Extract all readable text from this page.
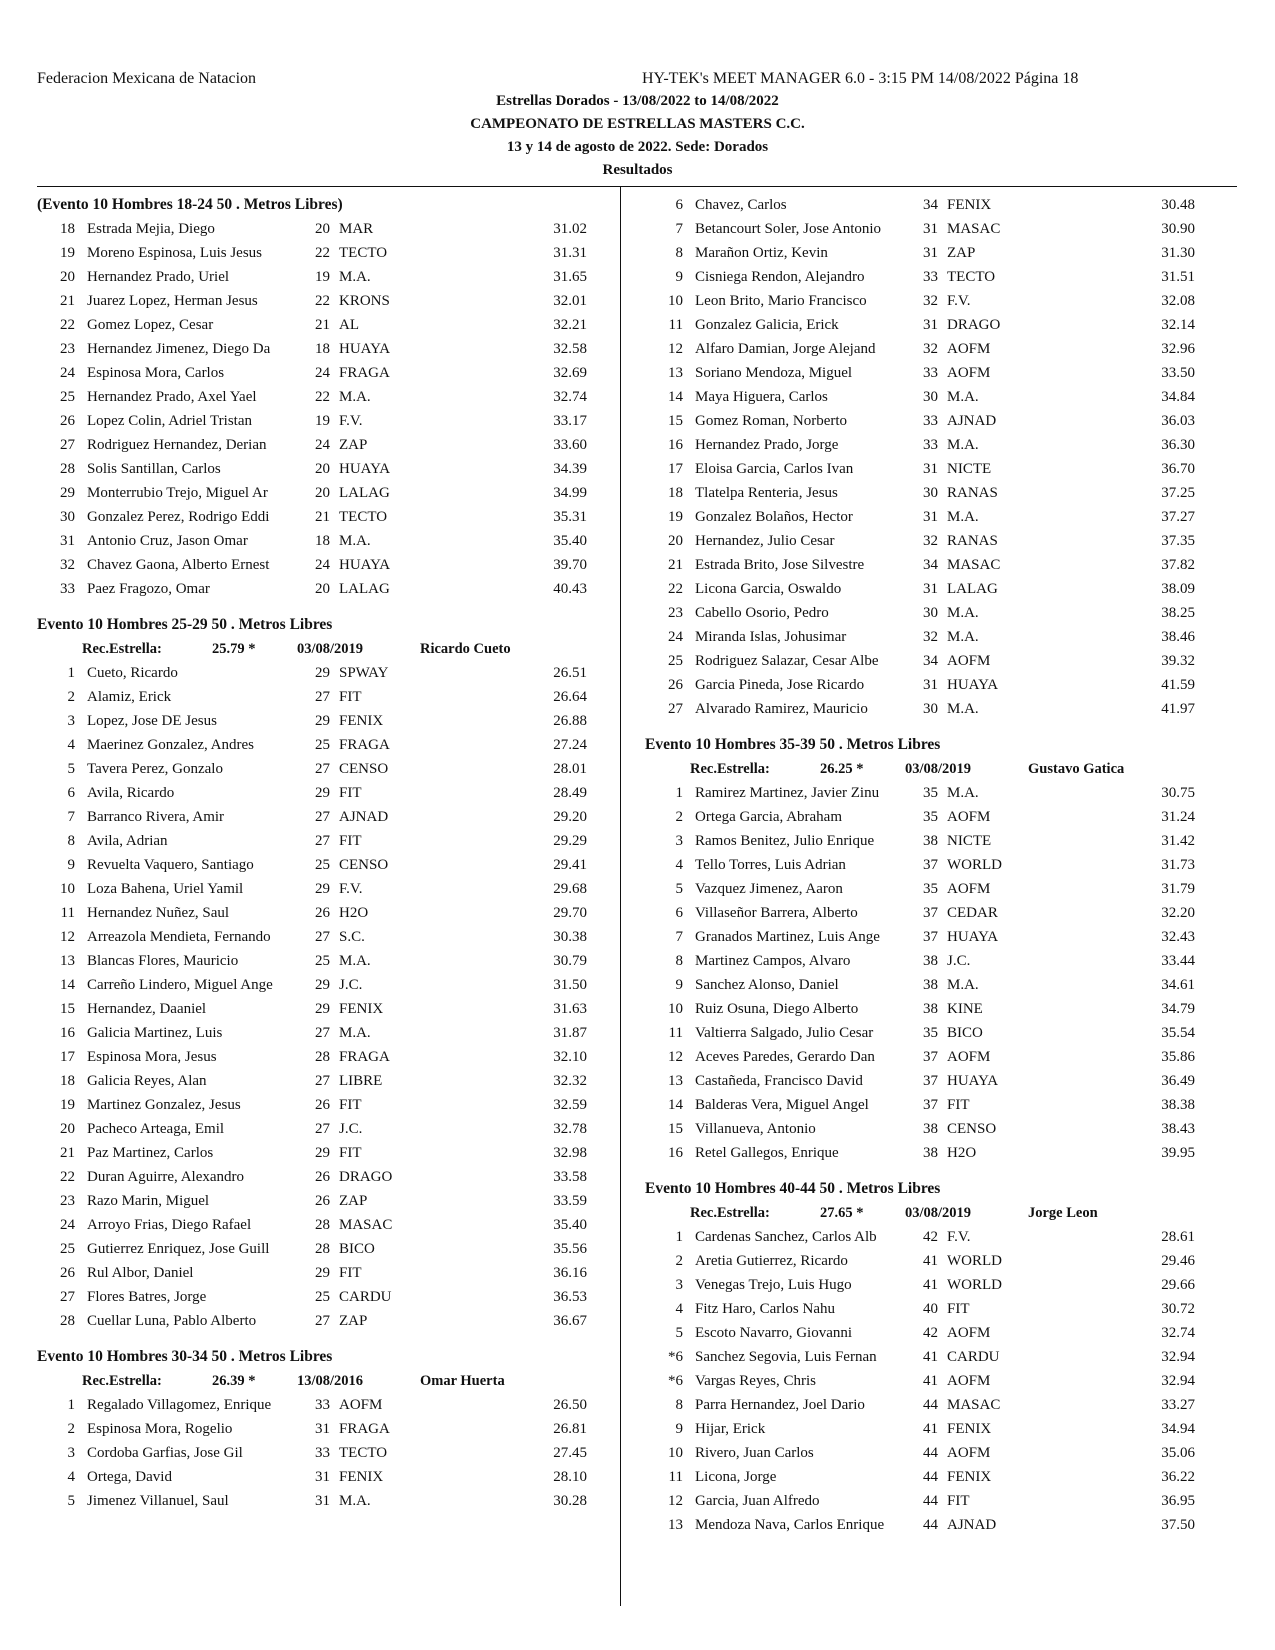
Federacion Mexicana de Natacion	HY-TEK's MEET MANAGER 6.0 - 3:15 PM 14/08/2022 Página 18
Estrellas Dorados - 13/08/2022 to 14/08/2022
CAMPEONATO DE ESTRELLAS MASTERS C.C.
13 y 14 de agosto de 2022. Sede: Dorados
Resultados
(Evento 10 Hombres 18-24 50 . Metros Libres)
18 Estrada Mejia, Diego	20 MAR	31.02
19 Moreno Espinosa, Luis Jesus	22 TECTO	31.31
20 Hernandez Prado, Uriel	19 M.A.	31.65
21 Juarez Lopez, Herman Jesus	22 KRONS	32.01
22 Gomez Lopez, Cesar	21 AL	32.21
23 Hernandez Jimenez, Diego Da	18 HUAYA	32.58
24 Espinosa Mora, Carlos	24 FRAGA	32.69
25 Hernandez Prado, Axel Yael	22 M.A.	32.74
26 Lopez Colin, Adriel Tristan	19 F.V.	33.17
27 Rodriguez Hernandez, Derian	24 ZAP	33.60
28 Solis Santillan, Carlos	20 HUAYA	34.39
29 Monterrubio Trejo, Miguel Ar	20 LALAG	34.99
30 Gonzalez Perez, Rodrigo Eddi	21 TECTO	35.31
31 Antonio Cruz, Jason Omar	18 M.A.	35.40
32 Chavez Gaona, Alberto Ernest	24 HUAYA	39.70
33 Paez Fragozo, Omar	20 LALAG	40.43
Evento 10 Hombres 25-29 50 . Metros Libres
Rec.Estrella:	25.79 *	03/08/2019	Ricardo Cueto
1 Cueto, Ricardo	29 SPWAY	26.51
2 Alamiz, Erick	27 FIT	26.64
3 Lopez, Jose DE Jesus	29 FENIX	26.88
4 Maerinez Gonzalez, Andres	25 FRAGA	27.24
5 Tavera Perez, Gonzalo	27 CENSO	28.01
6 Avila, Ricardo	29 FIT	28.49
7 Barranco Rivera, Amir	27 AJNAD	29.20
8 Avila, Adrian	27 FIT	29.29
9 Revuelta Vaquero, Santiago	25 CENSO	29.41
10 Loza Bahena, Uriel Yamil	29 F.V.	29.68
11 Hernandez Nuñez, Saul	26 H2O	29.70
12 Arreazola Mendieta, Fernando	27 S.C.	30.38
13 Blancas Flores, Mauricio	25 M.A.	30.79
14 Carreño Lindero, Miguel Ange	29 J.C.	31.50
15 Hernandez, Daaniel	29 FENIX	31.63
16 Galicia Martinez, Luis	27 M.A.	31.87
17 Espinosa Mora, Jesus	28 FRAGA	32.10
18 Galicia Reyes, Alan	27 LIBRE	32.32
19 Martinez Gonzalez, Jesus	26 FIT	32.59
20 Pacheco Arteaga, Emil	27 J.C.	32.78
21 Paz Martinez, Carlos	29 FIT	32.98
22 Duran Aguirre, Alexandro	26 DRAGO	33.58
23 Razo Marin, Miguel	26 ZAP	33.59
24 Arroyo Frias, Diego Rafael	28 MASAC	35.40
25 Gutierrez Enriquez, Jose Guill	28 BICO	35.56
26 Rul Albor, Daniel	29 FIT	36.16
27 Flores Batres, Jorge	25 CARDU	36.53
28 Cuellar Luna, Pablo Alberto	27 ZAP	36.67
Evento 10 Hombres 30-34 50 . Metros Libres
Rec.Estrella:	26.39 *	13/08/2016	Omar Huerta
1 Regalado Villagomez, Enrique	33 AOFM	26.50
2 Espinosa Mora, Rogelio	31 FRAGA	26.81
3 Cordoba Garfias, Jose Gil	33 TECTO	27.45
4 Ortega, David	31 FENIX	28.10
5 Jimenez Villanuel, Saul	31 M.A.	30.28
6 Chavez, Carlos	34 FENIX	30.48
7 Betancourt Soler, Jose Antonio	31 MASAC	30.90
8 Marañon Ortiz, Kevin	31 ZAP	31.30
9 Cisniega Rendon, Alejandro	33 TECTO	31.51
10 Leon Brito, Mario Francisco	32 F.V.	32.08
11 Gonzalez Galicia, Erick	31 DRAGO	32.14
12 Alfaro Damian, Jorge Alejand	32 AOFM	32.96
13 Soriano Mendoza, Miguel	33 AOFM	33.50
14 Maya Higuera, Carlos	30 M.A.	34.84
15 Gomez Roman, Norberto	33 AJNAD	36.03
16 Hernandez Prado, Jorge	33 M.A.	36.30
17 Eloisa Garcia, Carlos Ivan	31 NICTE	36.70
18 Tlatelpa Renteria, Jesus	30 RANAS	37.25
19 Gonzalez Bolaños, Hector	31 M.A.	37.27
20 Hernandez, Julio Cesar	32 RANAS	37.35
21 Estrada Brito, Jose Silvestre	34 MASAC	37.82
22 Licona Garcia, Oswaldo	31 LALAG	38.09
23 Cabello Osorio, Pedro	30 M.A.	38.25
24 Miranda Islas, Johusimar	32 M.A.	38.46
25 Rodriguez Salazar, Cesar Albe	34 AOFM	39.32
26 Garcia Pineda, Jose Ricardo	31 HUAYA	41.59
27 Alvarado Ramirez, Mauricio	30 M.A.	41.97
Evento 10 Hombres 35-39 50 . Metros Libres
Rec.Estrella:	26.25 *	03/08/2019	Gustavo Gatica
1 Ramirez Martinez, Javier Zinu	35 M.A.	30.75
2 Ortega Garcia, Abraham	35 AOFM	31.24
3 Ramos Benitez, Julio Enrique	38 NICTE	31.42
4 Tello Torres, Luis Adrian	37 WORLD	31.73
5 Vazquez Jimenez, Aaron	35 AOFM	31.79
6 Villaseñor Barrera, Alberto	37 CEDAR	32.20
7 Granados Martinez, Luis Ange	37 HUAYA	32.43
8 Martinez Campos, Alvaro	38 J.C.	33.44
9 Sanchez Alonso, Daniel	38 M.A.	34.61
10 Ruiz Osuna, Diego Alberto	38 KINE	34.79
11 Valtierra Salgado, Julio Cesar	35 BICO	35.54
12 Aceves Paredes, Gerardo Dan	37 AOFM	35.86
13 Castañeda, Francisco David	37 HUAYA	36.49
14 Balderas Vera, Miguel Angel	37 FIT	38.38
15 Villanueva, Antonio	38 CENSO	38.43
16 Retel Gallegos, Enrique	38 H2O	39.95
Evento 10 Hombres 40-44 50 . Metros Libres
Rec.Estrella:	27.65 *	03/08/2019	Jorge Leon
1 Cardenas Sanchez, Carlos Alb	42 F.V.	28.61
2 Aretia Gutierrez, Ricardo	41 WORLD	29.46
3 Venegas Trejo, Luis Hugo	41 WORLD	29.66
4 Fitz Haro, Carlos Nahu	40 FIT	30.72
5 Escoto Navarro, Giovanni	42 AOFM	32.74
*6 Sanchez Segovia, Luis Fernan	41 CARDU	32.94
*6 Vargas Reyes, Chris	41 AOFM	32.94
8 Parra Hernandez, Joel Dario	44 MASAC	33.27
9 Hijar, Erick	41 FENIX	34.94
10 Rivero, Juan Carlos	44 AOFM	35.06
11 Licona, Jorge	44 FENIX	36.22
12 Garcia, Juan Alfredo	44 FIT	36.95
13 Mendoza Nava, Carlos Enrique	44 AJNAD	37.50
